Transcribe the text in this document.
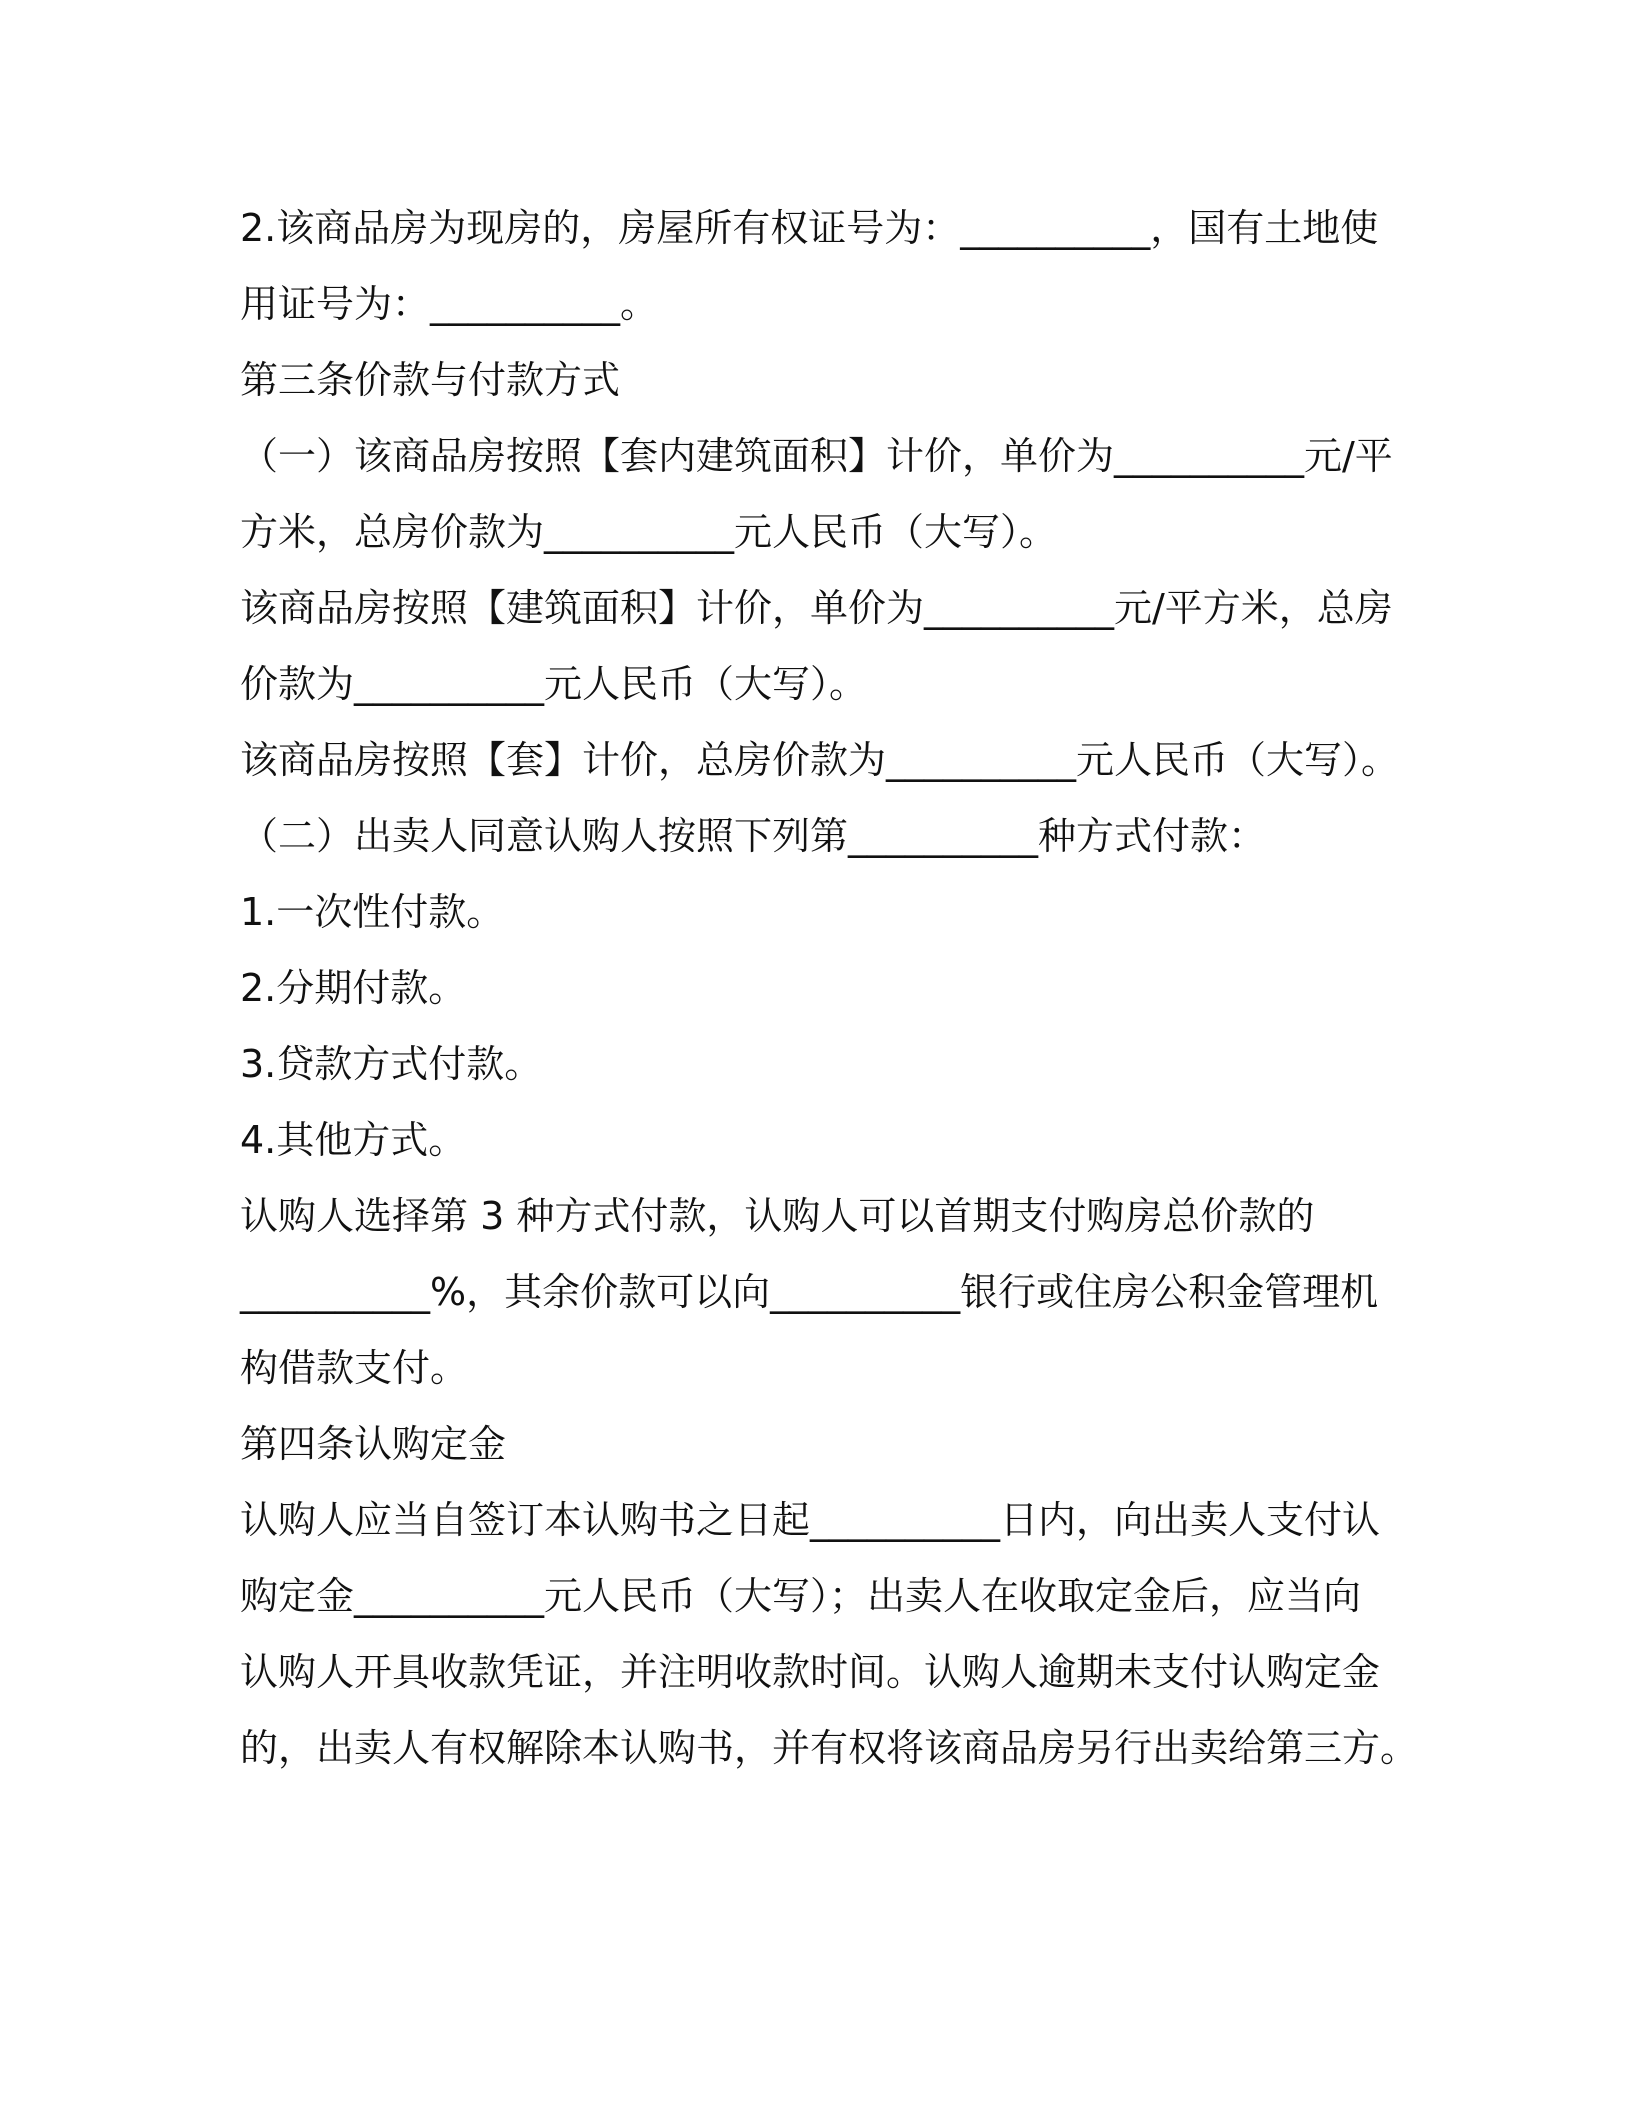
2.该商品房为现房的，房屋所有权证号为：__________，国有土地使
用证号为：__________。
第三条价款与付款方式
（一）该商品房按照【套内建筑面积】计价，单价为__________元/平
方米，总房价款为__________元人民币（大写）。
该商品房按照【建筑面积】计价，单价为__________元/平方米，总房
价款为__________元人民币（大写）。
该商品房按照【套】计价，总房价款为__________元人民币（大写）。
（二）出卖人同意认购人按照下列第__________种方式付款：
1.一次性付款。
2.分期付款。
3.贷款方式付款。
4.其他方式。
认购人选择第 3 种方式付款，认购人可以首期支付购房总价款的
__________%，其余价款可以向__________银行或住房公积金管理机
构借款支付。
第四条认购定金
认购人应当自签订本认购书之日起__________日内，向出卖人支付认
购定金__________元人民币（大写）；出卖人在收取定金后，应当向
认购人开具收款凭证，并注明收款时间。认购人逾期未支付认购定金
的，出卖人有权解除本认购书，并有权将该商品房另行出卖给第三方。
